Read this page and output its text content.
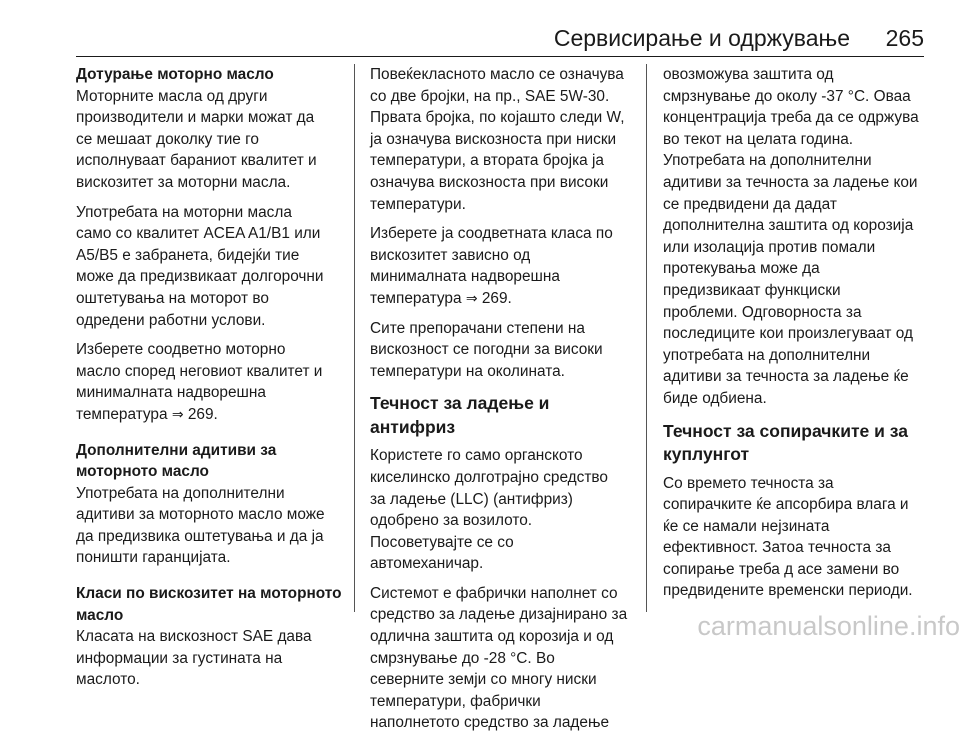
Сервисирање и одржување 265
Дотурање моторно масло

Моторните масла од други
производители и марки можат да
се мешаат доколку тие го
исполнуваат бараниот квалитет и
вискозитет за моторни масла.

Употребата на моторни масла
само со квалитет ACEA A1/B1 или
A5/B5 е забранета, бидејќи тие
може да предизвикаат долгорочни
оштетувања на моторот во
одредени работни услови.

Изберете соодветно моторно
масло според неговиот квалитет и
минималната надворешна
температура ⇒ 269.

Дополнителни адитиви за
моторното масло

Употребата на дополнителни
адитиви за моторното масло може
да предизвика оштетувања и да ја
поништи гаранцијата.

Класи по вискозитет на моторното
масло

Класата на вискозност SAE дава
информации за густината на
маслото.

Повеќекласното масло се означува
со две бројки, на пр., SAE 5W-30.
Првата бројка, по којашто следи W,
ја означува вискозноста при ниски
температури, а втората бројка ја
означува вискозноста при високи
температури.

Изберете ја соодветната класа по
вискозитет зависно од
минималната надворешна
температура ⇒ 269.

Сите препорачани степени на
вискозност се погодни за високи
температури на околината.

Течност за ладење и антифриз

Користете го само органското
киселинско долготрајно средство
за ладење (LLC) (антифриз)
одобрено за возилото.
Посоветувајте се со
автомеханичар.

Системот е фабрички наполнет со
средство за ладење дизајнирано за
одлична заштита од корозија и од
смрзнување до -28 °C. Во
северните земји со многу ниски
температури, фабрички
наполнетото средство за ладење

овозможува заштита од
смрзнување до околу -37 °C. Оваа
концентрација треба да се одржува
во текот на целата година.
Употребата на дополнителни
адитиви за течноста за ладење кои
се предвидени да дадат
дополнителна заштита од корозија
или изолација против помали
протекувања може да
предизвикаат функциски
проблеми. Одговорноста за
последиците кои произлегуваат од
употребата на дополнителни
адитиви за течноста за ладење ќе
биде одбиена.

Течност за сопирачките и за
куплунгот

Со времето течноста за
сопирачките ќе апсорбира влага и
ќе се намали нејзината
ефективност. Затоа течноста за
сопирање треба д асе замени во
предвидените временски периоди.

carmanualsonline.info
